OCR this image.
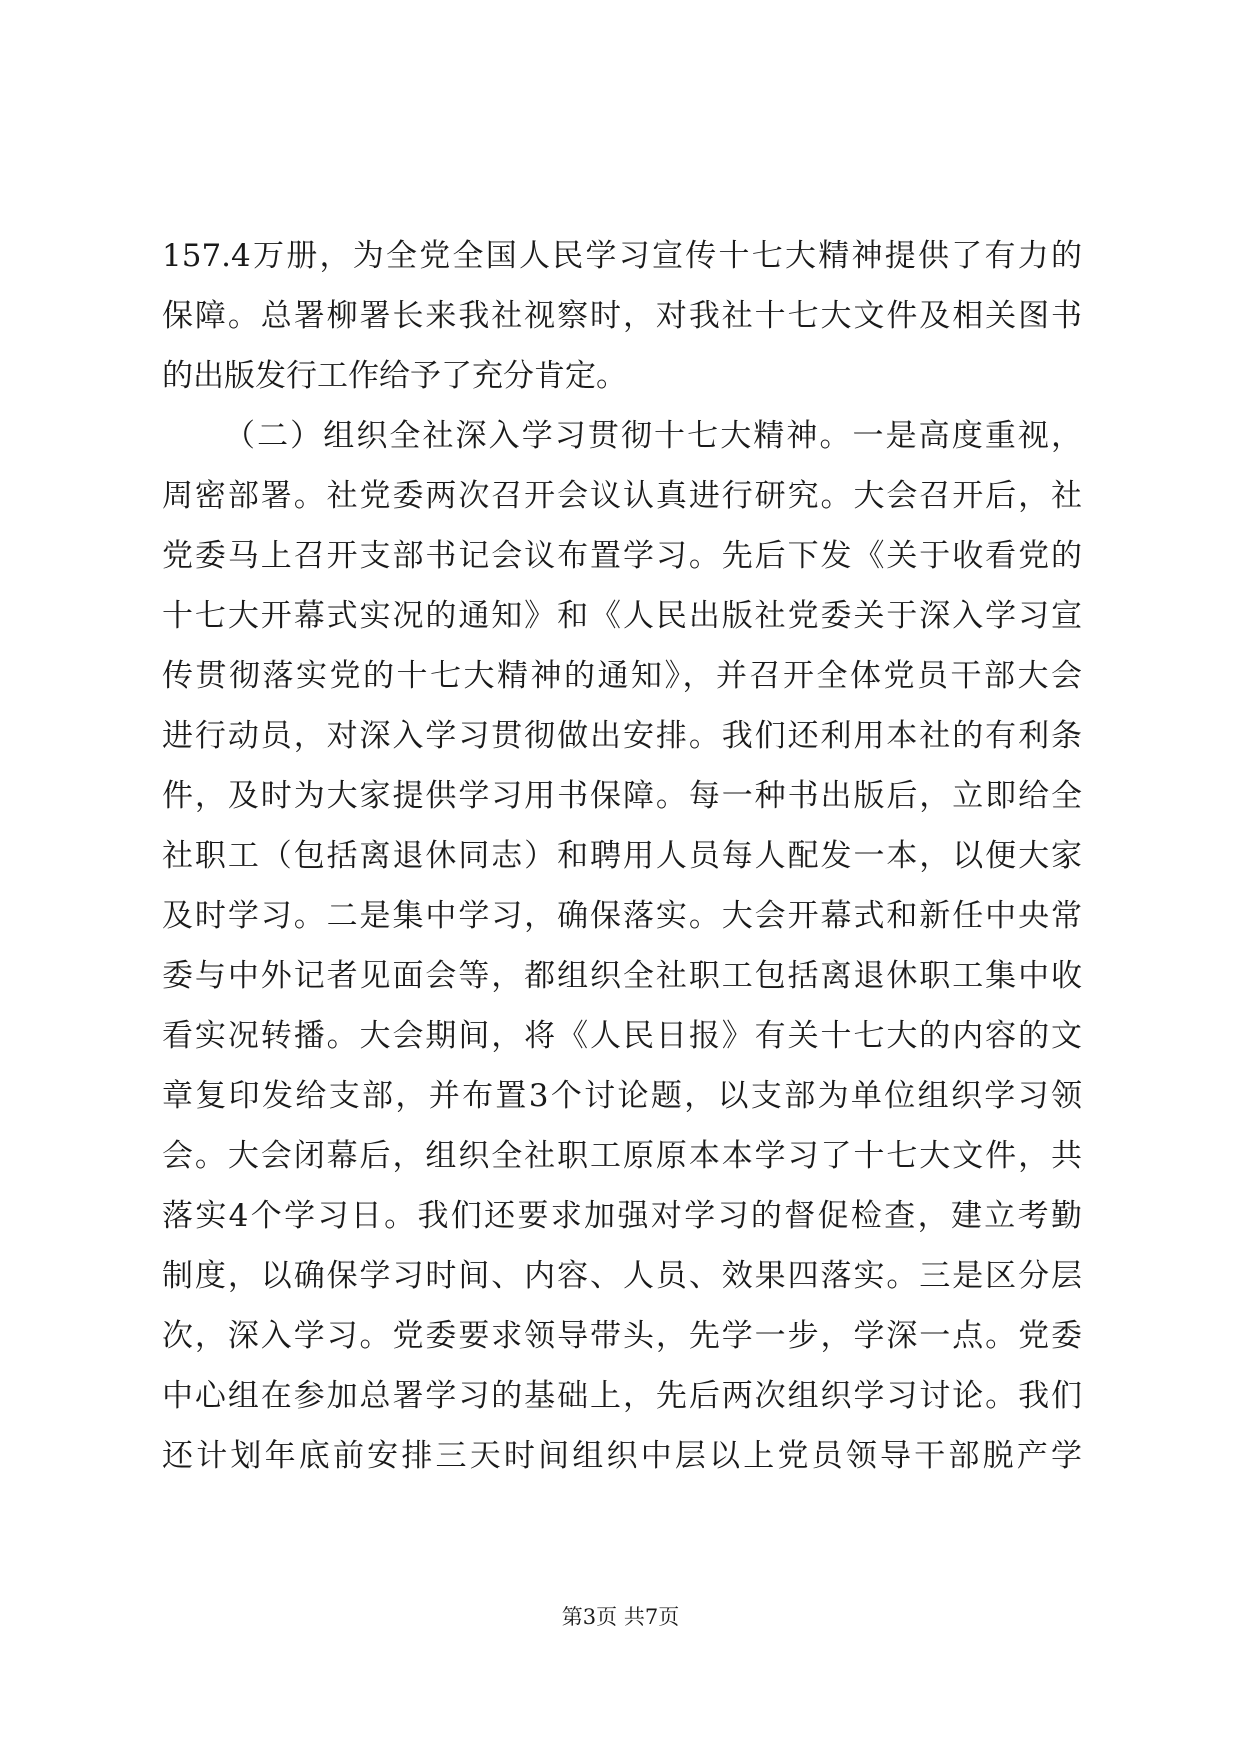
157.4万册，为全党全国人民学习宣传十七大精神提供了有力的
保障。总署柳署长来我社视察时，对我社十七大文件及相关图书
的出版发行工作给予了充分肯定。
（二）组织全社深入学习贯彻十七大精神。一是高度重视，
周密部署。社党委两次召开会议认真进行研究。大会召开后，社
党委马上召开支部书记会议布置学习。先后下发《关于收看党的
十七大开幕式实况的通知》和《人民出版社党委关于深入学习宣
传贯彻落实党的十七大精神的通知》，并召开全体党员干部大会
进行动员，对深入学习贯彻做出安排。我们还利用本社的有利条
件，及时为大家提供学习用书保障。每一种书出版后，立即给全
社职工（包括离退休同志）和聘用人员每人配发一本，以便大家
及时学习。二是集中学习，确保落实。大会开幕式和新任中央常
委与中外记者见面会等，都组织全社职工包括离退休职工集中收
看实况转播。大会期间，将《人民日报》有关十七大的内容的文
章复印发给支部，并布置3个讨论题，以支部为单位组织学习领
会。大会闭幕后，组织全社职工原原本本学习了十七大文件，共
落实4个学习日。我们还要求加强对学习的督促检查，建立考勤
制度，以确保学习时间、内容、人员、效果四落实。三是区分层
次，深入学习。党委要求领导带头，先学一步，学深一点。党委
中心组在参加总署学习的基础上，先后两次组织学习讨论。我们
还计划年底前安排三天时间组织中层以上党员领导干部脱产学
第3页 共7页
